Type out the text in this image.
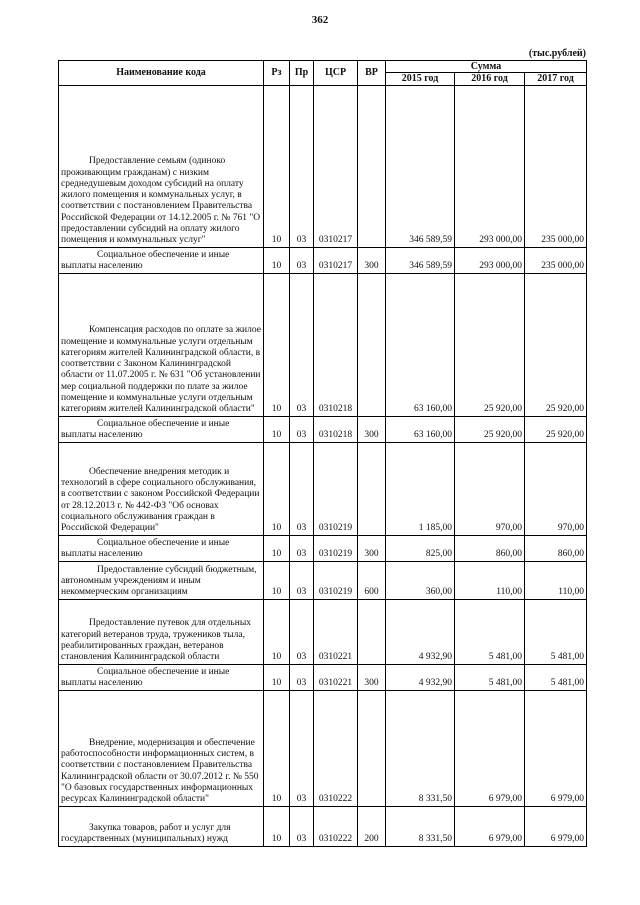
362
(тыс.рублей)
Наименование кода	Рз	Пр	ЦСР	ВР	Сумма		
					2015 год	2016 год	2017 год
Предоставление семьям (одиноко проживающим гражданам) с низким среднедушевым доходом субсидий на оплату жилого помещения и коммунальных услуг, в соответствии с постановлением Правительства Российской Федерации от 14.12.2005 г. № 761 "О предоставлении субсидий на оплату жилого помещения и коммунальных услуг"	10	03	0310217		346 589,59	293 000,00	235 000,00
Социальное обеспечение и иные выплаты населению	10	03	0310217	300	346 589,59	293 000,00	235 000,00
Компенсация расходов по оплате за жилое помещение и коммунальные услуги отдельным категориям жителей Калининградской области, в соответствии с Законом Калининградской области от 11.07.2005 г. № 631 "Об установлении мер социальной поддержки по плате за жилое помещение и коммунальные услуги отдельным категориям жителей Калининградской области"	10	03	0310218		63 160,00	25 920,00	25 920,00
Социальное обеспечение и иные выплаты населению	10	03	0310218	300	63 160,00	25 920,00	25 920,00
Обеспечение внедрения методик и технологий в сфере социального обслуживания, в соответствии с законом Российской Федерации от 28.12.2013 г. № 442-ФЗ "Об основах социального обслуживания граждан в Российской Федерации"	10	03	0310219		1 185,00	970,00	970,00
Социальное обеспечение и иные выплаты населению	10	03	0310219	300	825,00	860,00	860,00
Предоставление субсидий бюджетным, автономным учреждениям и иным некоммерческим организациям	10	03	0310219	600	360,00	110,00	110,00
Предоставление путевок для отдельных категорий ветеранов труда, тружеников тыла, реабилитированных граждан, ветеранов становления Калининградской области	10	03	0310221		4 932,90	5 481,00	5 481,00
Социальное обеспечение и иные выплаты населению	10	03	0310221	300	4 932,90	5 481,00	5 481,00
Внедрение, модернизация и обеспечение работоспособности информационных систем, в соответствии с постановлением Правительства Калининградской области от 30.07.2012 г. № 550 "О базовых государственных информационных ресурсах Калининградской области"	10	03	0310222		8 331,50	6 979,00	6 979,00
Закупка товаров, работ и услуг для государственных (муниципальных) нужд	10	03	0310222	200	8 331,50	6 979,00	6 979,00
